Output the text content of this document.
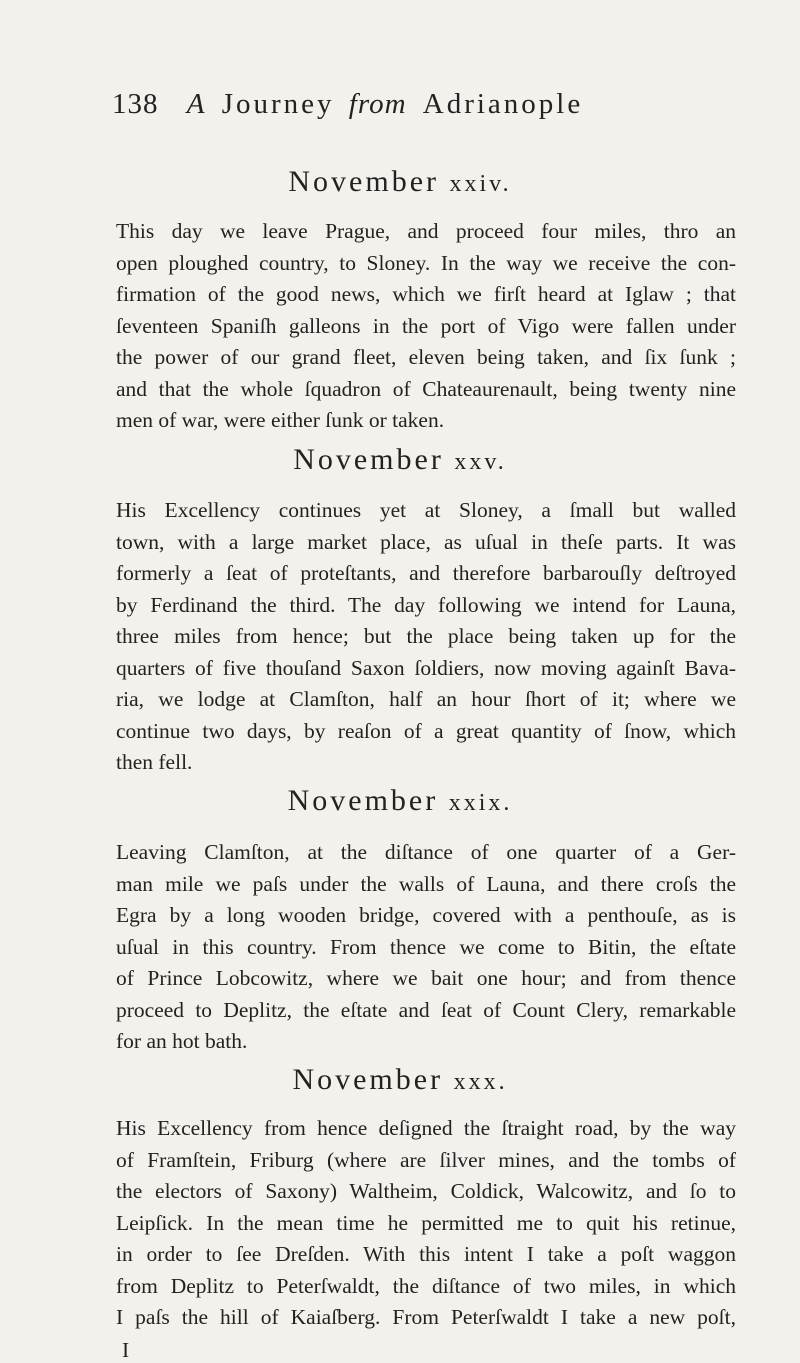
138 A Journey from Adrianople
November xxiv.

This day we leave Prague, and proceed four miles, thro an
open ploughed country, to Sloney. In the way we receive the con-
firmation of the good news, which we firſt heard at Iglaw ; that
ſeventeen Spaniſh galleons in the port of Vigo were fallen under
the power of our grand fleet, eleven being taken, and ſix ſunk ;
and that the whole ſquadron of Chateaurenault, being twenty nine
men of war, were either ſunk or taken.

November xxv.

His Excellency continues yet at Sloney, a ſmall but walled
town, with a large market place, as uſual in theſe parts. It was
formerly a ſeat of proteſtants, and therefore barbarouſly deſtroyed
by Ferdinand the third. The day following we intend for Launa,
three miles from hence; but the place being taken up for the
quarters of five thouſand Saxon ſoldiers, now moving againſt Bava-
ria, we lodge at Clamſton, half an hour ſhort of it; where we
continue two days, by reaſon of a great quantity of ſnow, which
then fell.

November xxix.

Leaving Clamſton, at the diſtance of one quarter of a Ger-
man mile we paſs under the walls of Launa, and there croſs the
Egra by a long wooden bridge, covered with a penthouſe, as is
uſual in this country. From thence we come to Bitin, the eſtate
of Prince Lobcowitz, where we bait one hour; and from thence
proceed to Deplitz, the eſtate and ſeat of Count Clery, remarkable
for an hot bath.

November xxx.

His Excellency from hence deſigned the ſtraight road, by the way
of Framſtein, Friburg (where are ſilver mines, and the tombs of
the electors of Saxony) Waltheim, Coldick, Walcowitz, and ſo to
Leipſick. In the mean time he permitted me to quit his retinue,
in order to ſee Dreſden. With this intent I take a poſt waggon
from Deplitz to Peterſwaldt, the diſtance of two miles, in which
I paſs the hill of Kaiaſberg. From Peterſwaldt I take a new poſt,

I
